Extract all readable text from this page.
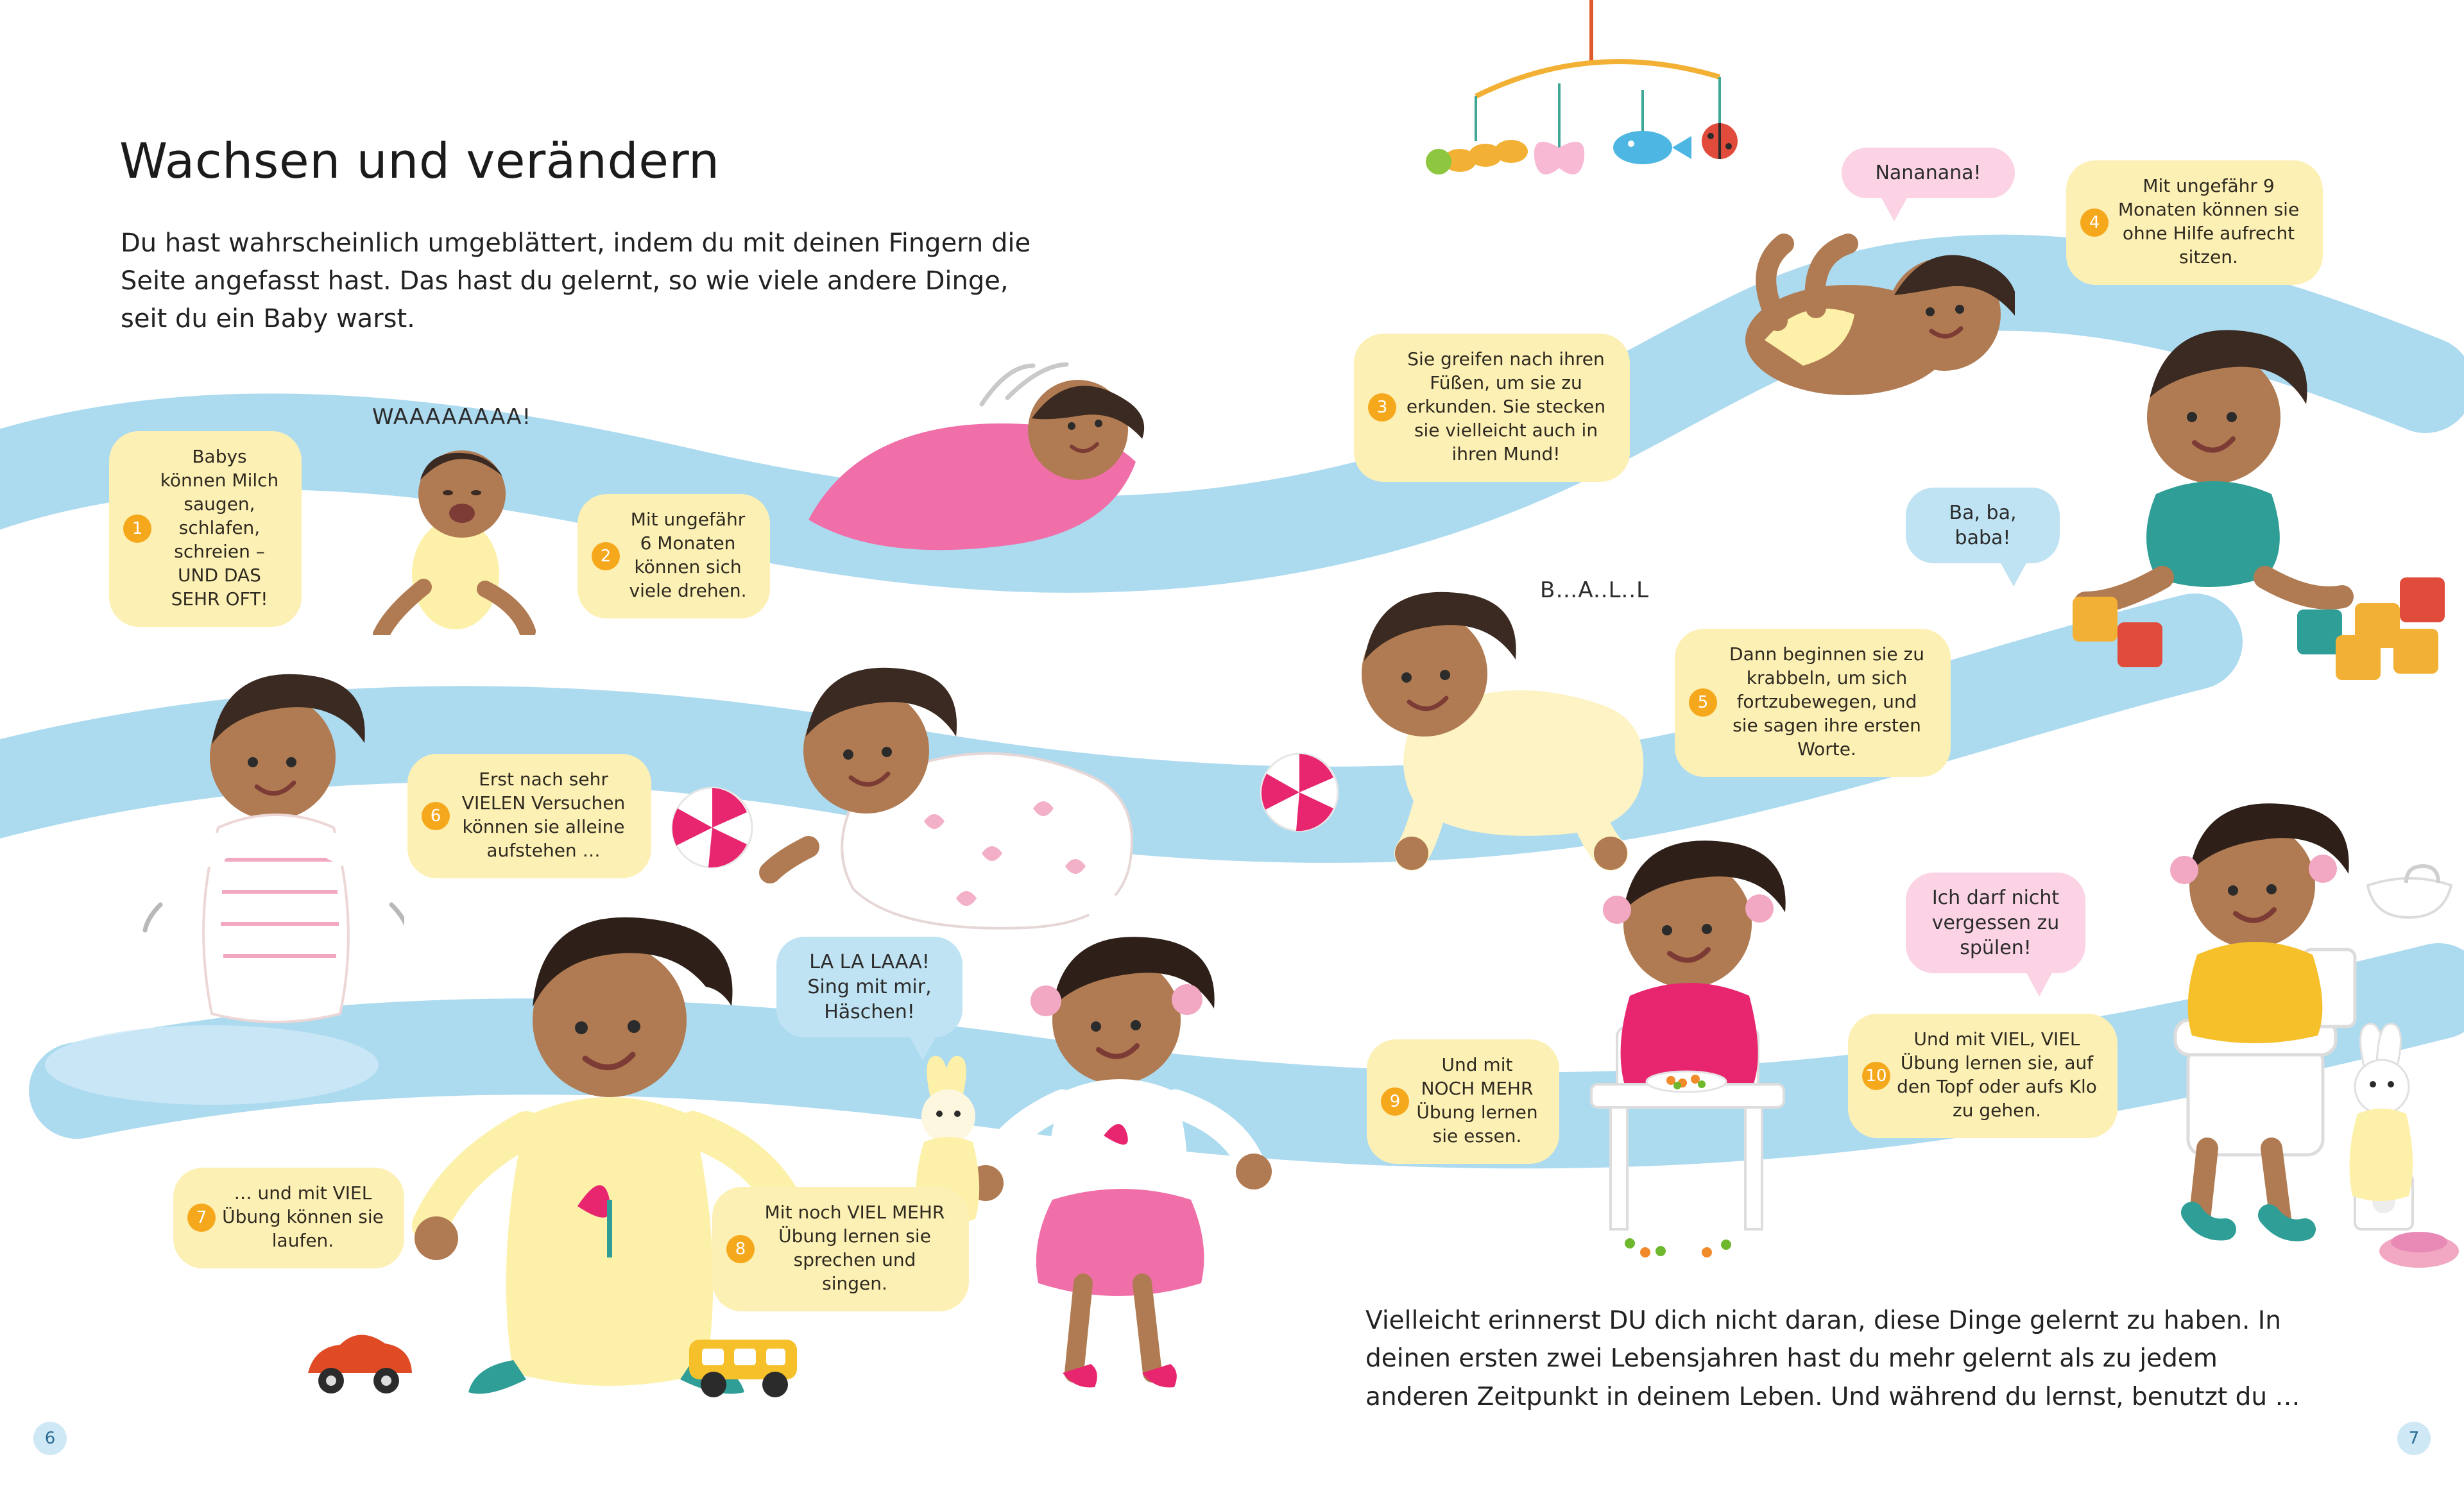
Wachsen und verändern

Du hast wahrscheinlich umgeblättert, indem du mit deinen Fingern die Seite angefasst hast. Das hast du gelernt, so wie viele andere Dinge, seit du ein Baby warst.

Vielleicht erinnerst DU dich nicht daran, diese Dinge gelernt zu haben. In deinen ersten zwei Lebensjahren hast du mehr gelernt als zu jedem anderen Zeitpunkt in deinem Leben. Und während du lernst, benutzt du …

6	7
1
Babys können Milch saugen, schlafen, schreien – UND DAS SEHR OFT!
2
Mit ungefähr 6 Monaten können sich viele drehen.
3
Sie greifen nach ihren Füßen, um sie zu erkunden. Sie stecken sie vielleicht auch in ihren Mund!
4
Mit ungefähr 9 Monaten können sie ohne Hilfe aufrecht sitzen.
5
Dann beginnen sie zu krabbeln, um sich fortzubewegen, und sie sagen ihre ersten Worte.
6
Erst nach sehr VIELEN Versuchen können sie alleine aufstehen …
7
… und mit VIEL Übung können sie laufen.	8
Mit noch VIEL MEHR Übung lernen sie sprechen und singen.
9
Und mit NOCH MEHR Übung lernen sie essen.
10
Und mit VIEL, VIEL Übung lernen sie, auf den Topf oder aufs Klo zu gehen.
WAAAAAAAA!
Nananana!
B…A..L..L
Ba, ba, baba!
LA LA LAAA! Sing mit mir, Häschen!
Ich darf nicht vergessen zu spülen!
